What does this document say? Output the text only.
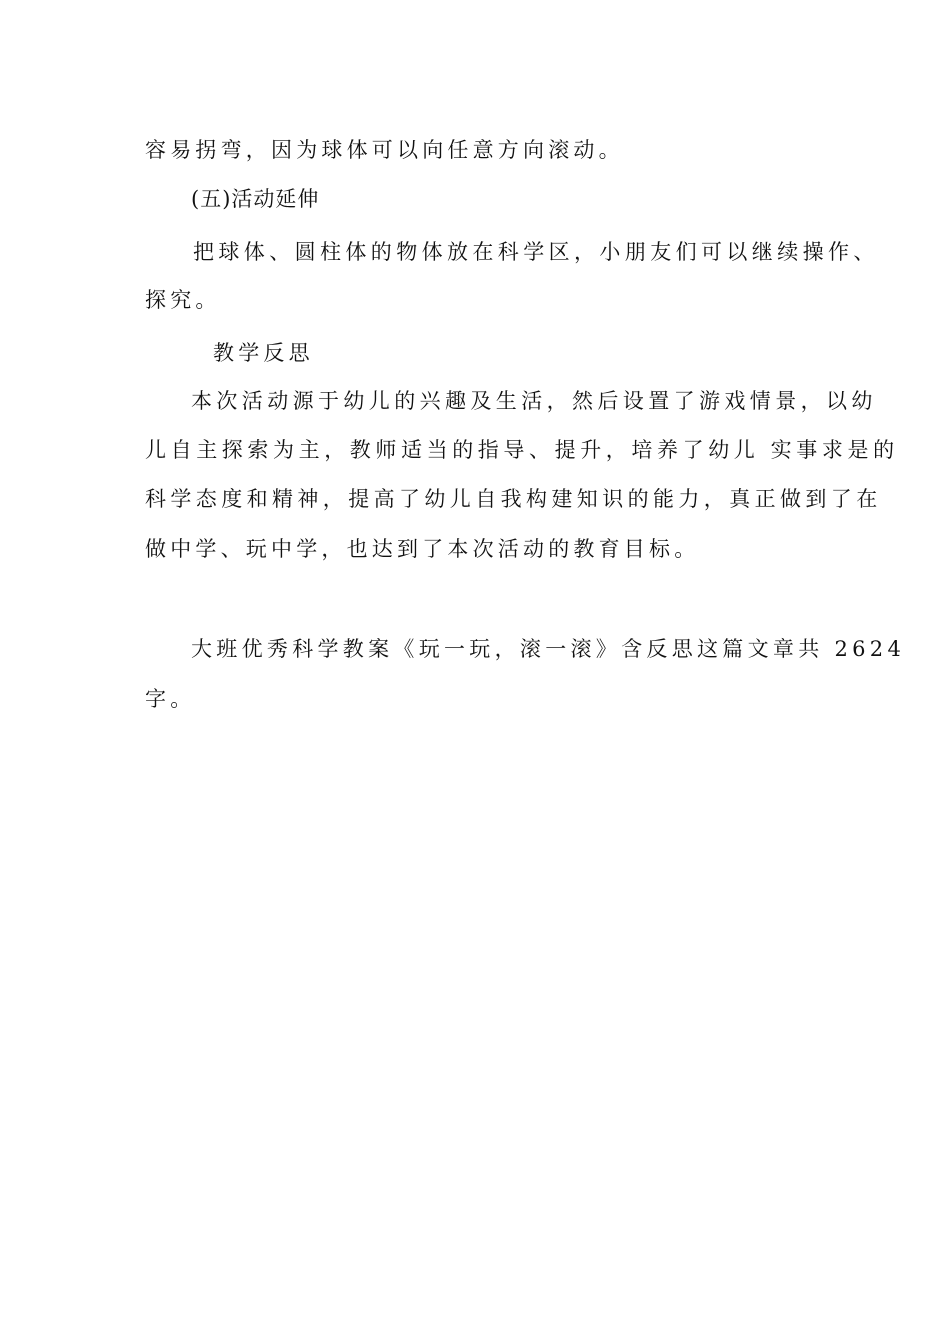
容易拐弯，因为球体可以向任意方向滚动。
(五)活动延伸
把球体、圆柱体的物体放在科学区，小朋友们可以继续操作、
探究。
教学反思
本次活动源于幼儿的兴趣及生活，然后设置了游戏情景，以幼
儿自主探索为主，教师适当的指导、提升，培养了幼儿 实事求是的
科学态度和精神，提高了幼儿自我构建知识的能力，真正做到了在
做中学、玩中学，也达到了本次活动的教育目标。
大班优秀科学教案《玩一玩，滚一滚》含反思这篇文章共 2624
字。
